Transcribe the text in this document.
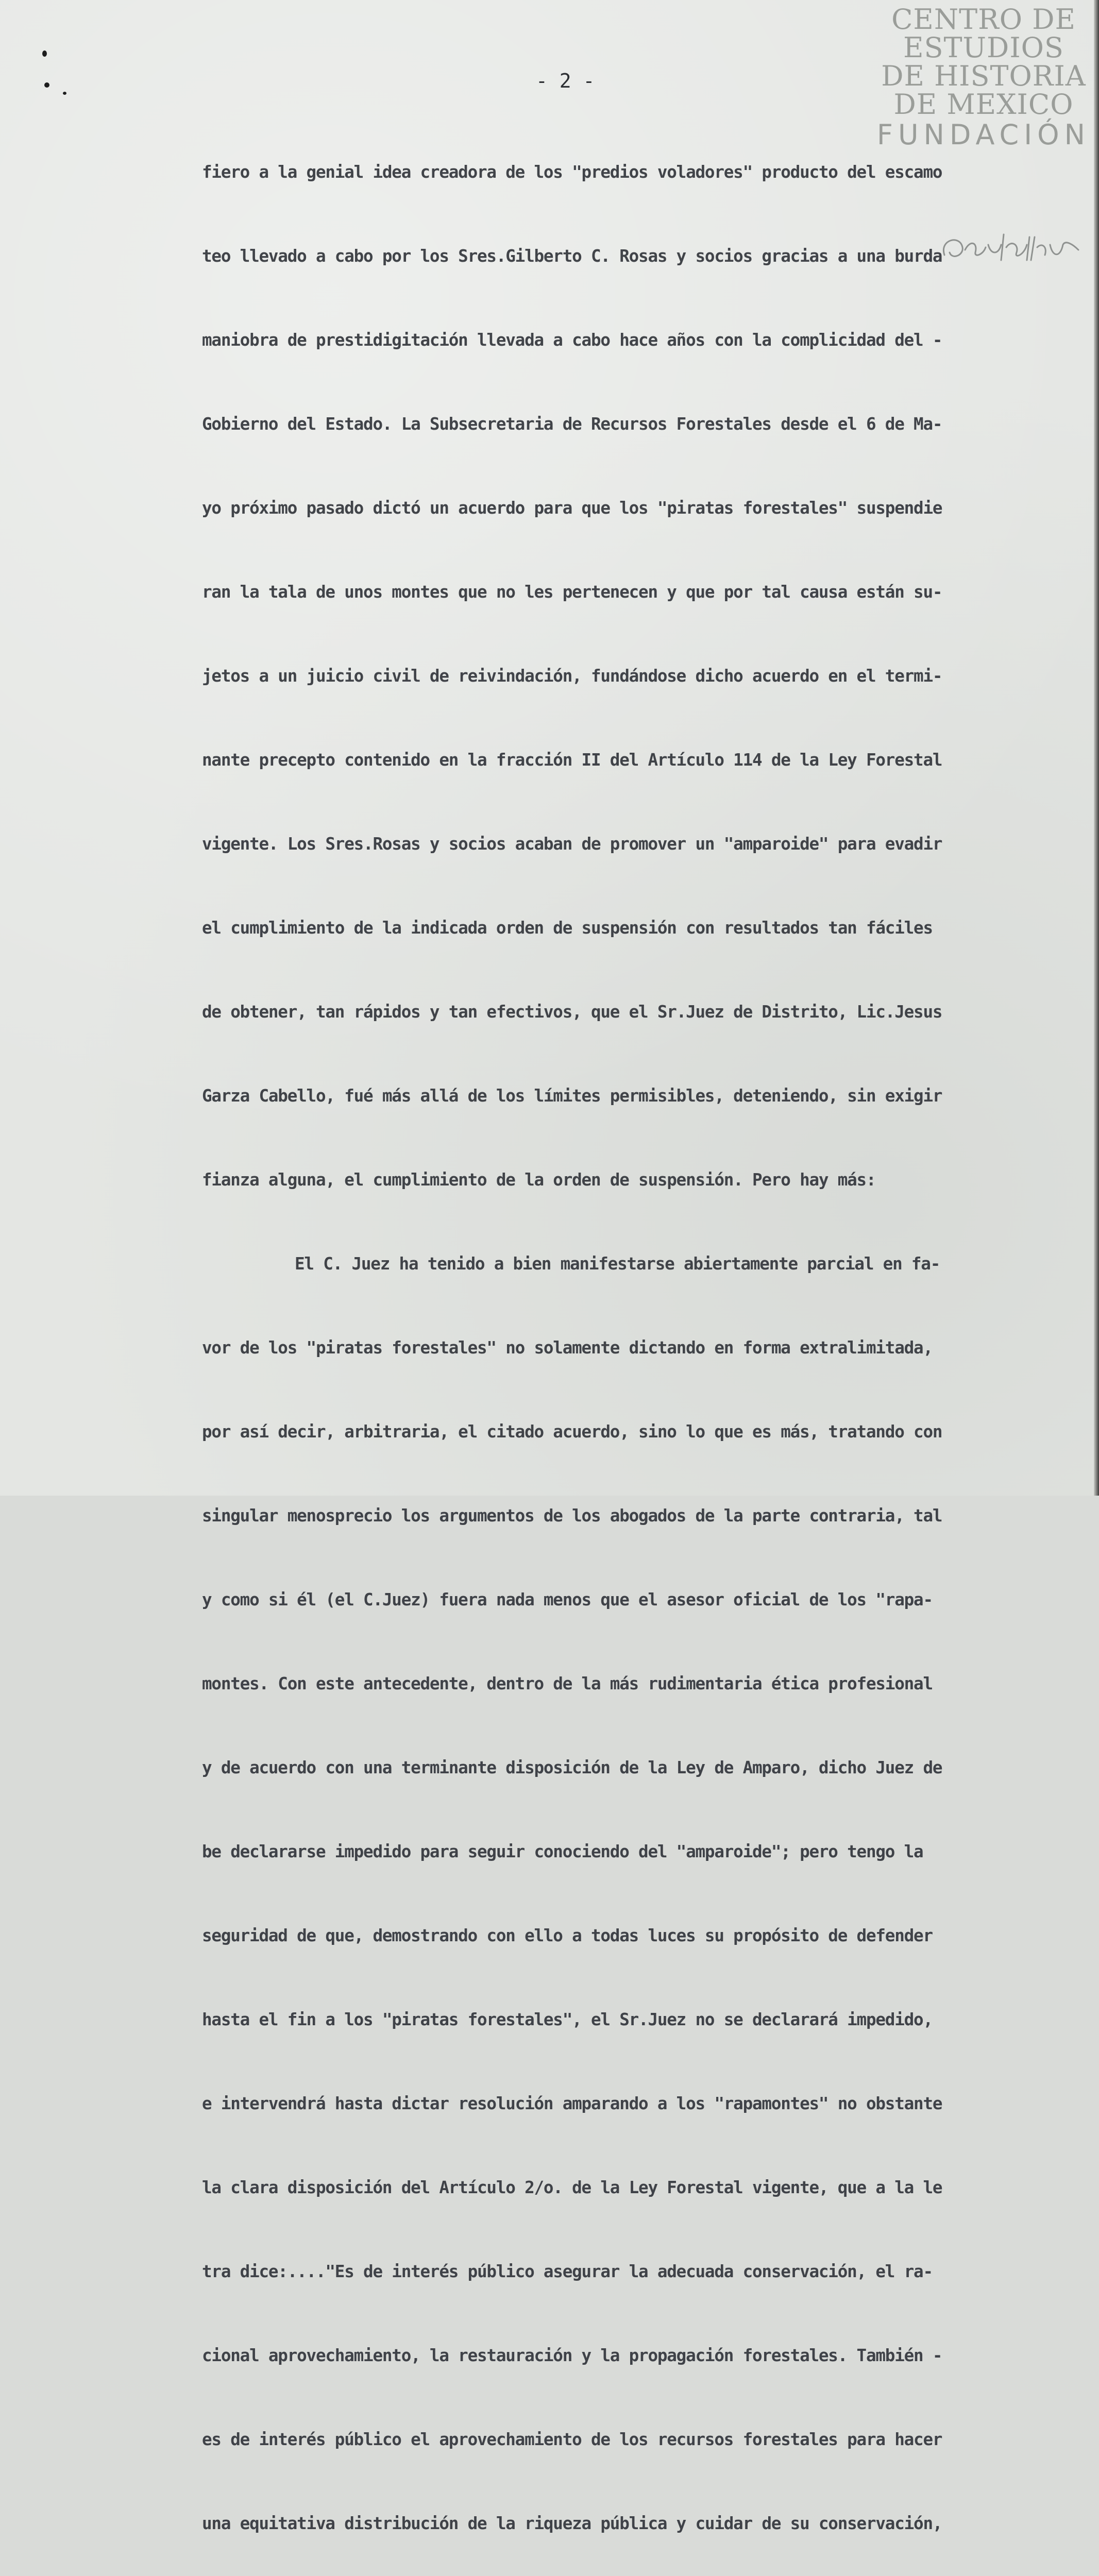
CENTRO DE
ESTUDIOS
DE HISTORIA
DE MEXICO
FUNDACIÓN
- 2 -

fiero a la genial idea creadora de los "predios voladores" producto del escamo

teo llevado a cabo por los Sres.Gilberto C. Rosas y socios gracias a una burda

maniobra de prestidigitación llevada a cabo hace años con la complicidad del -

Gobierno del Estado. La Subsecretaria de Recursos Forestales desde el 6 de Ma-

yo próximo pasado dictó un acuerdo para que los "piratas forestales" suspendie

ran la tala de unos montes que no les pertenecen y que por tal causa están su-

jetos a un juicio civil de reivindación, fundándose dicho acuerdo en el termi-

nante precepto contenido en la fracción II del Artículo 114 de la Ley Forestal

vigente. Los Sres.Rosas y socios acaban de promover un "amparoide" para evadir

el cumplimiento de la indicada orden de suspensión con resultados tan fáciles

de obtener, tan rápidos y tan efectivos, que el Sr.Juez de Distrito, Lic.Jesus

Garza Cabello, fué más allá de los límites permisibles, deteniendo, sin exigir

fianza alguna, el cumplimiento de la orden de suspensión. Pero hay más:

El C. Juez ha tenido a bien manifestarse abiertamente parcial en fa-

vor de los "piratas forestales" no solamente dictando en forma extralimitada,

por así decir, arbitraria, el citado acuerdo, sino lo que es más, tratando con

singular menosprecio los argumentos de los abogados de la parte contraria, tal

y como si él (el C.Juez) fuera nada menos que el asesor oficial de los "rapa-

montes. Con este antecedente, dentro de la más rudimentaria ética profesional

y de acuerdo con una terminante disposición de la Ley de Amparo, dicho Juez de

be declararse impedido para seguir conociendo del "amparoide"; pero tengo la

seguridad de que, demostrando con ello a todas luces su propósito de defender

hasta el fin a los "piratas forestales", el Sr.Juez no se declarará impedido,

e intervendrá hasta dictar resolución amparando a los "rapamontes" no obstante

la clara disposición del Artículo 2/o. de la Ley Forestal vigente, que a la le

tra dice:...."Es de interés público asegurar la adecuada conservación, el ra-

cional aprovechamiento, la restauración y la propagación forestales. También -

es de interés público el aprovechamiento de los recursos forestales para hacer

una equitativa distribución de la riqueza pública y cuidar de su conservación,
